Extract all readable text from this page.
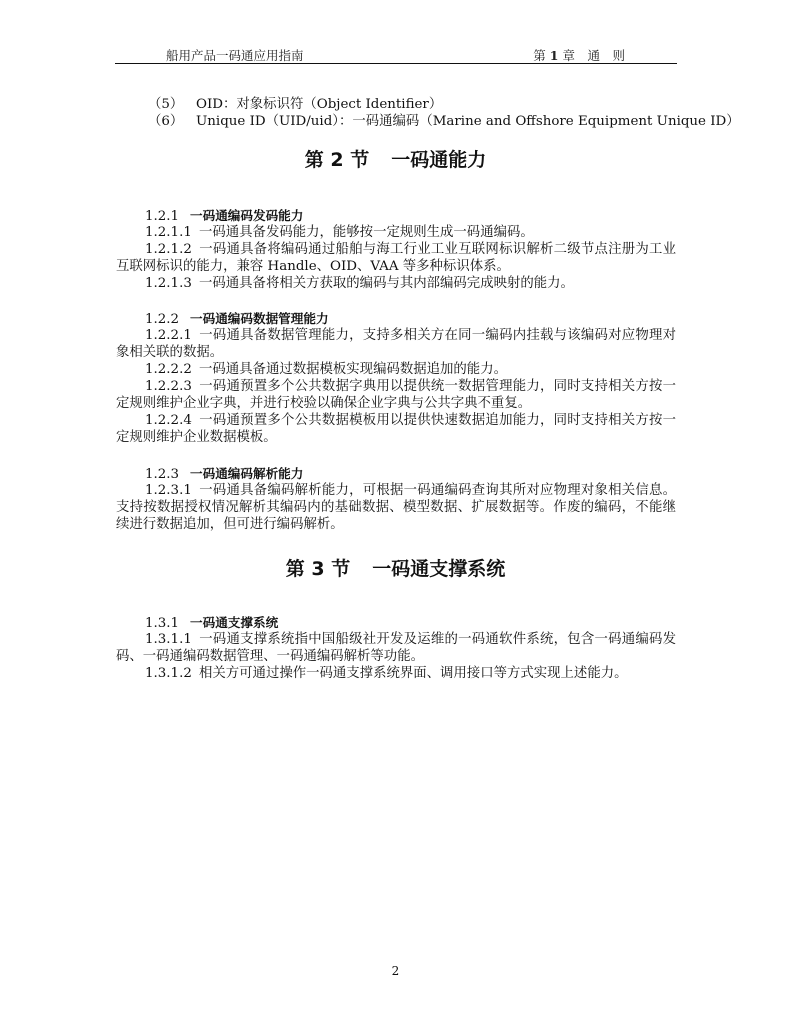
船用产品一码通应用指南	第 1 章　通　则
（5） OID：对象标识符（Object Identifier）
（6） Unique ID（UID/uid）：一码通编码（Marine and Offshore Equipment Unique ID）
第 2 节 一码通能力
1.2.1 一码通编码发码能力
1.2.1.1 一码通具备发码能力，能够按一定规则生成一码通编码。
1.2.1.2 一码通具备将编码通过船舶与海工行业工业互联网标识解析二级节点注册为工业互联网标识的能力，兼容 Handle、OID、VAA 等多种标识体系。
1.2.1.3 一码通具备将相关方获取的编码与其内部编码完成映射的能力。
1.2.2 一码通编码数据管理能力
1.2.2.1 一码通具备数据管理能力，支持多相关方在同一编码内挂载与该编码对应物理对象相关联的数据。
1.2.2.2 一码通具备通过数据模板实现编码数据追加的能力。
1.2.2.3 一码通预置多个公共数据字典用以提供统一数据管理能力，同时支持相关方按一定规则维护企业字典，并进行校验以确保企业字典与公共字典不重复。
1.2.2.4 一码通预置多个公共数据模板用以提供快速数据追加能力，同时支持相关方按一定规则维护企业数据模板。
1.2.3 一码通编码解析能力
1.2.3.1 一码通具备编码解析能力，可根据一码通编码查询其所对应物理对象相关信息。支持按数据授权情况解析其编码内的基础数据、模型数据、扩展数据等。作废的编码，不能继续进行数据追加，但可进行编码解析。
第 3 节 一码通支撑系统
1.3.1 一码通支撑系统
1.3.1.1 一码通支撑系统指中国船级社开发及运维的一码通软件系统，包含一码通编码发码、一码通编码数据管理、一码通编码解析等功能。
1.3.1.2 相关方可通过操作一码通支撑系统界面、调用接口等方式实现上述能力。
2
